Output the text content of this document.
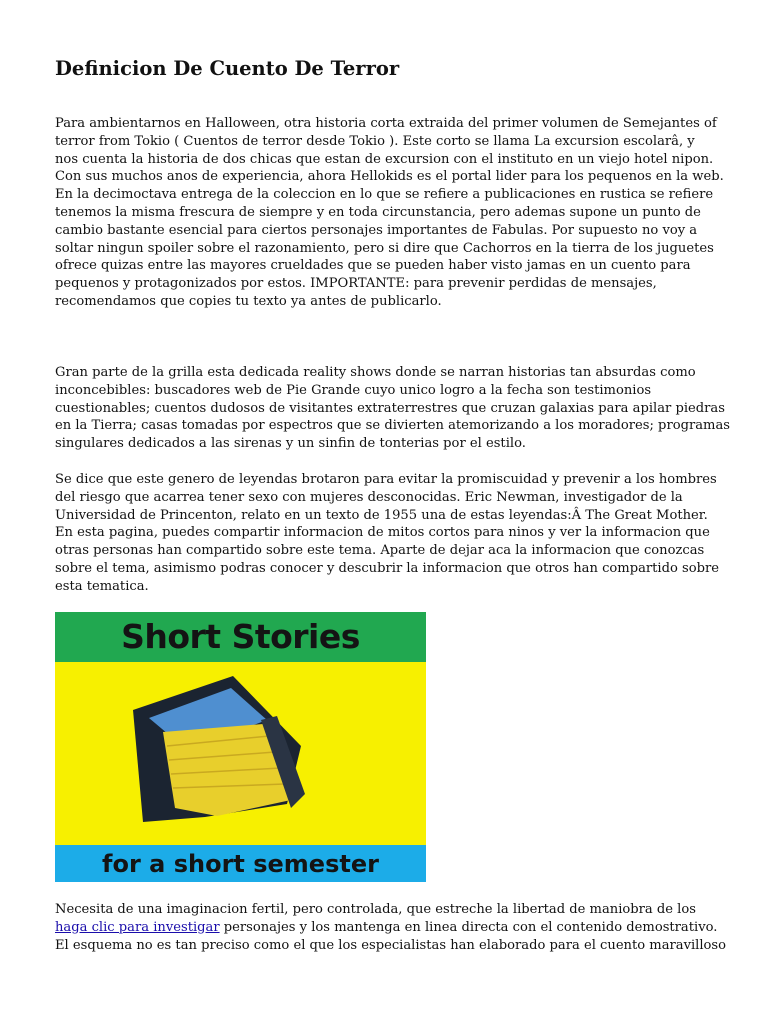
Definicion De Cuento De Terror

Para ambientarnos en Halloween, otra historia corta extraida del primer volumen de Semejantes of
terror from Tokio ( Cuentos de terror desde Tokio ). Este corto se llama La excursion escolarâ, y
nos cuenta la historia de dos chicas que estan de excursion con el instituto en un viejo hotel nipon.
Con sus muchos anos de experiencia, ahora Hellokids es el portal lider para los pequenos en la web.
En la decimoctava entrega de la coleccion en lo que se refiere a publicaciones en rustica se refiere
tenemos la misma frescura de siempre y en toda circunstancia, pero ademas supone un punto de
cambio bastante esencial para ciertos personajes importantes de Fabulas. Por supuesto no voy a
soltar ningun spoiler sobre el razonamiento, pero si dire que Cachorros en la tierra de los juguetes
ofrece quizas entre las mayores crueldades que se pueden haber visto jamas en un cuento para
pequenos y protagonizados por estos. IMPORTANTE: para prevenir perdidas de mensajes,
recomendamos que copies tu texto ya antes de publicarlo.

Gran parte de la grilla esta dedicada reality shows donde se narran historias tan absurdas como
inconcebibles: buscadores web de Pie Grande cuyo unico logro a la fecha son testimonios
cuestionables; cuentos dudosos de visitantes extraterrestres que cruzan galaxias para apilar piedras
en la Tierra; casas tomadas por espectros que se divierten atemorizando a los moradores; programas
singulares dedicados a las sirenas y un sinfin de tonterias por el estilo.

Se dice que este genero de leyendas brotaron para evitar la promiscuidad y prevenir a los hombres
del riesgo que acarrea tener sexo con mujeres desconocidas. Eric Newman, investigador de la
Universidad de Princenton, relato en un texto de 1955 una de estas leyendas:Â The Great Mother.
En esta pagina, puedes compartir informacion de mitos cortos para ninos y ver la informacion que
otras personas han compartido sobre este tema. Aparte de dejar aca la informacion que conozcas
sobre el tema, asimismo podras conocer y descubrir la informacion que otros han compartido sobre
esta tematica.

Necesita de una imaginacion fertil, pero controlada, que estreche la libertad de maniobra de los
haga clic para investigar personajes y los mantenga en linea directa con el contenido demostrativo.
El esquema no es tan preciso como el que los especialistas han elaborado para el cuento maravilloso

Short Stories
for a short semester
